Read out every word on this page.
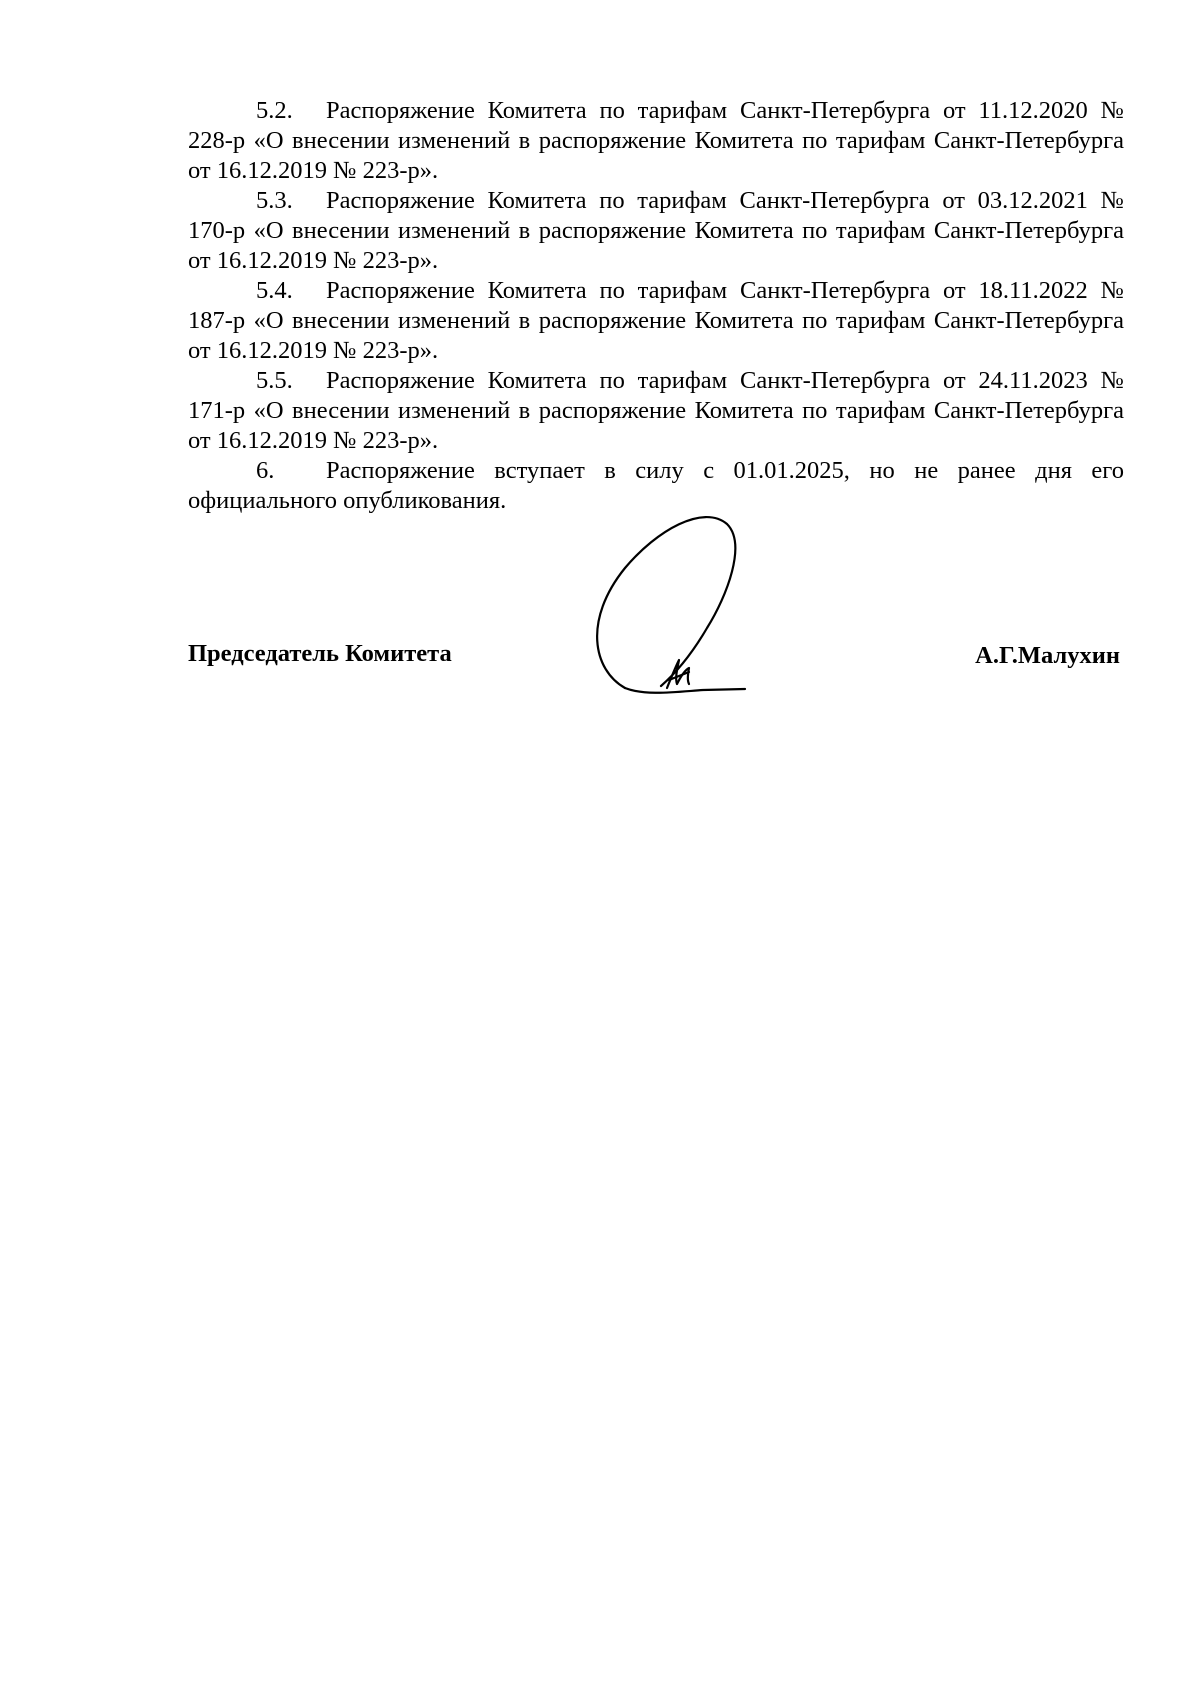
5.2. Распоряжение Комитета по тарифам Санкт-Петербурга от 11.12.2020 № 228-р «О внесении изменений в распоряжение Комитета по тарифам Санкт-Петербурга от 16.12.2019 № 223-р».

5.3. Распоряжение Комитета по тарифам Санкт-Петербурга от 03.12.2021 № 170-р «О внесении изменений в распоряжение Комитета по тарифам Санкт-Петербурга от 16.12.2019 № 223-р».

5.4. Распоряжение Комитета по тарифам Санкт-Петербурга от 18.11.2022 № 187-р «О внесении изменений в распоряжение Комитета по тарифам Санкт-Петербурга от 16.12.2019 № 223-р».

5.5. Распоряжение Комитета по тарифам Санкт-Петербурга от 24.11.2023 № 171-р «О внесении изменений в распоряжение Комитета по тарифам Санкт-Петербурга от 16.12.2019 № 223-р».

6. Распоряжение вступает в силу с 01.01.2025, но не ранее дня его официального опубликования.

Председатель Комитета	А.Г.Малухин
